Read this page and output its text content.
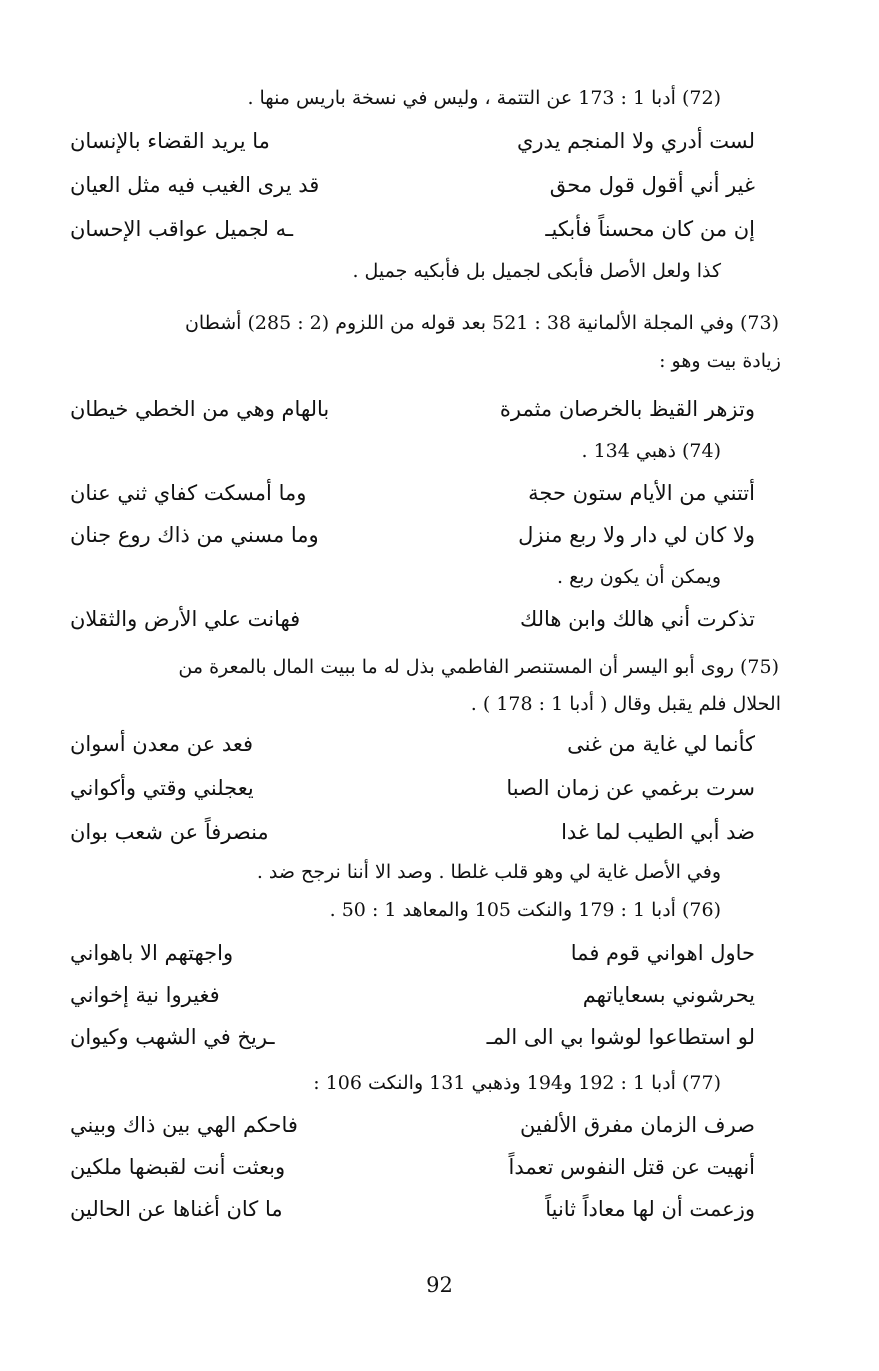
(72) أدبا 1 : 173 عن التتمة ، وليس في نسخة باريس منها .
لست أدري ولا المنجم يدري
ما يريد القضاء بالإنسان
غير أني أقول قول محق
قد يرى الغيب فيه مثل العيان
إن من كان محسناً فأبكيـ
ـه لجميل عواقب الإحسان
كذا ولعل الأصل فأبكى لجميل بل فأبكيه جميل .
(73) وفي المجلة الألمانية 38 : 521 بعد قوله من اللزوم (2 : 285) أشطان
زيادة بيت وهو :
وتزهر القيظ بالخرصان مثمرة
بالهام وهي من الخطي خيطان
(74) ذهبي 134 .
أتتني من الأيام ستون حجة
وما أمسكت كفاي ثني عنان
ولا كان لي دار ولا ربع منزل
وما مسني من ذاك روع جنان
ويمكن أن يكون ربع .
تذكرت أني هالك وابن هالك
فهانت علي الأرض والثقلان
(75) روى أبو اليسر أن المستنصر الفاطمي بذل له ما ببيت المال بالمعرة من
الحلال فلم يقبل وقال ( أدبا 1 : 178 ) .
كأنما لي غاية من غنى
فعد عن معدن أسوان
سرت برغمي عن زمان الصبا
يعجلني وقتي وأكواني
ضد أبي الطيب لما غدا
منصرفاً عن شعب بوان
وفي الأصل غاية لي وهو قلب غلطا . وصد الا أننا نرجح ضد .
(76) أدبا 1 : 179 والنكت 105 والمعاهد 1 : 50 .
حاول اهواني قوم فما
واجهتهم الا باهواني
يحرشوني بسعاياتهم
فغيروا نية إخواني
لو استطاعوا لوشوا بي الى المـ
ـريخ في الشهب وكيوان
(77) أدبا 1 : 192 و194 وذهبي 131 والنكت 106 :
صرف الزمان مفرق الألفين
فاحكم الهي بين ذاك وبيني
أنهيت عن قتل النفوس تعمداً
وبعثت أنت لقبضها ملكين
وزعمت أن لها معاداً ثانياً
ما كان أغناها عن الحالين
92
